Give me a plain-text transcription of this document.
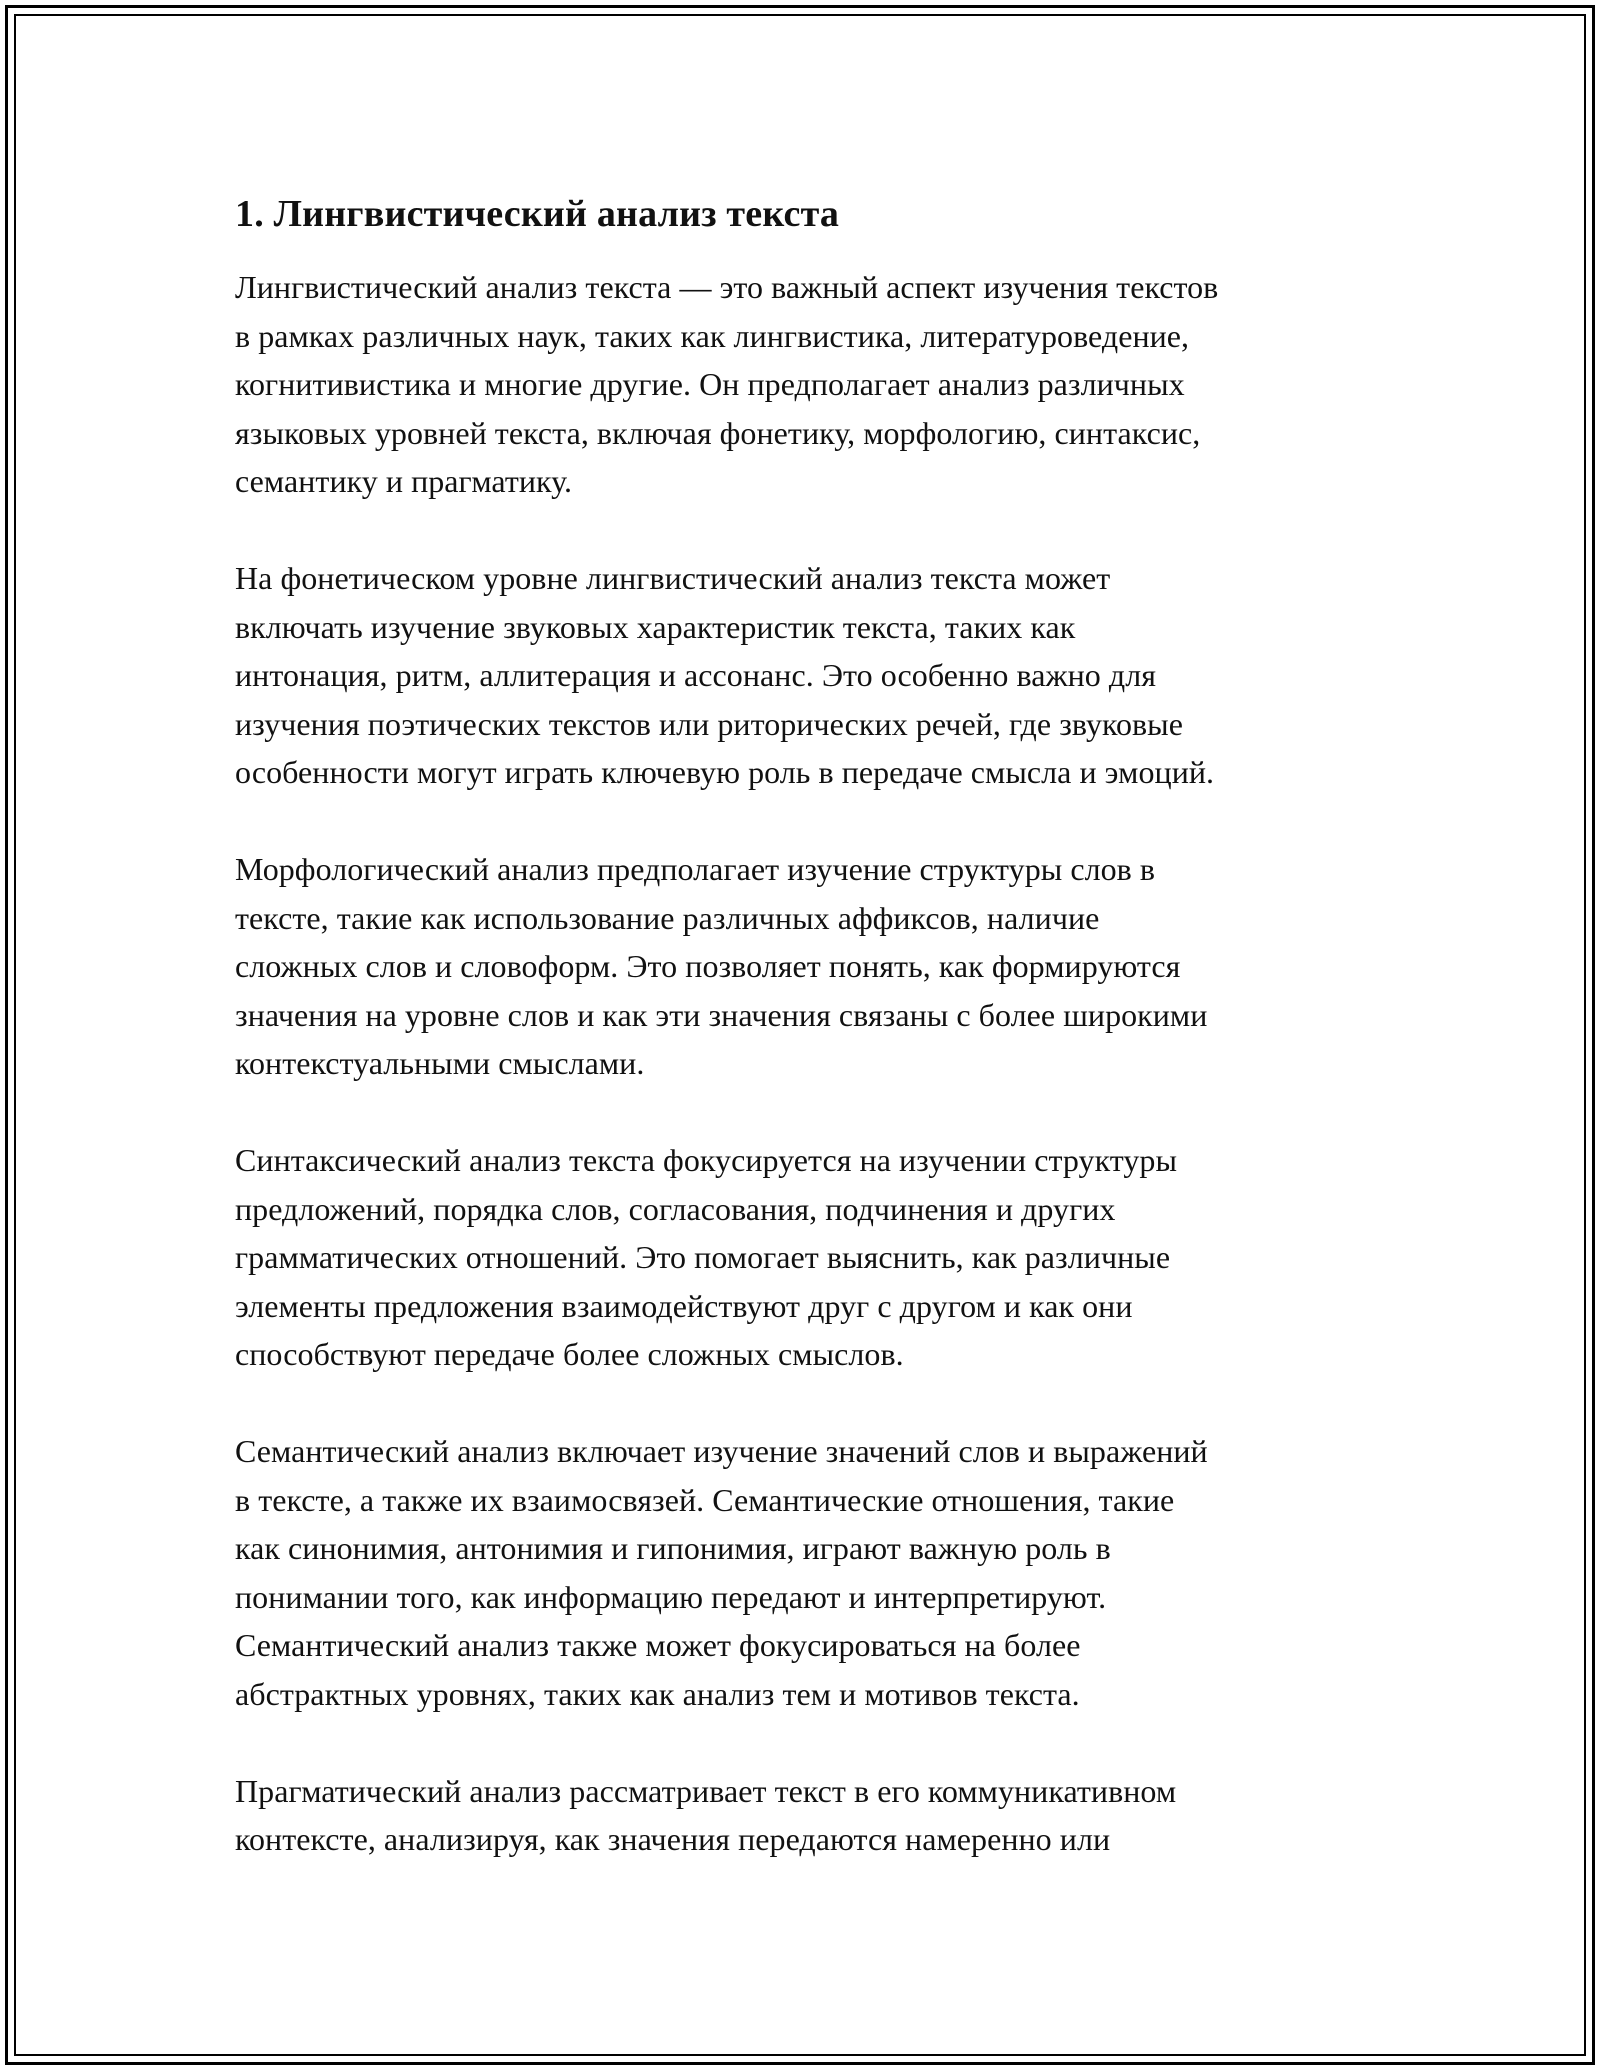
1. Лингвистический анализ текста
Лингвистический анализ текста — это важный аспект изучения текстов
в рамках различных наук, таких как лингвистика, литературоведение,
когнитивистика и многие другие. Он предполагает анализ различных
языковых уровней текста, включая фонетику, морфологию, синтаксис,
семантику и прагматику.
На фонетическом уровне лингвистический анализ текста может
включать изучение звуковых характеристик текста, таких как
интонация, ритм, аллитерация и ассонанс. Это особенно важно для
изучения поэтических текстов или риторических речей, где звуковые
особенности могут играть ключевую роль в передаче смысла и эмоций.
Морфологический анализ предполагает изучение структуры слов в
тексте, такие как использование различных аффиксов, наличие
сложных слов и словоформ. Это позволяет понять, как формируются
значения на уровне слов и как эти значения связаны с более широкими
контекстуальными смыслами.
Синтаксический анализ текста фокусируется на изучении структуры
предложений, порядка слов, согласования, подчинения и других
грамматических отношений. Это помогает выяснить, как различные
элементы предложения взаимодействуют друг с другом и как они
способствуют передаче более сложных смыслов.
Семантический анализ включает изучение значений слов и выражений
в тексте, а также их взаимосвязей. Семантические отношения, такие
как синонимия, антонимия и гипонимия, играют важную роль в
понимании того, как информацию передают и интерпретируют.
Семантический анализ также может фокусироваться на более
абстрактных уровнях, таких как анализ тем и мотивов текста.
Прагматический анализ рассматривает текст в его коммуникативном
контексте, анализируя, как значения передаются намеренно или
